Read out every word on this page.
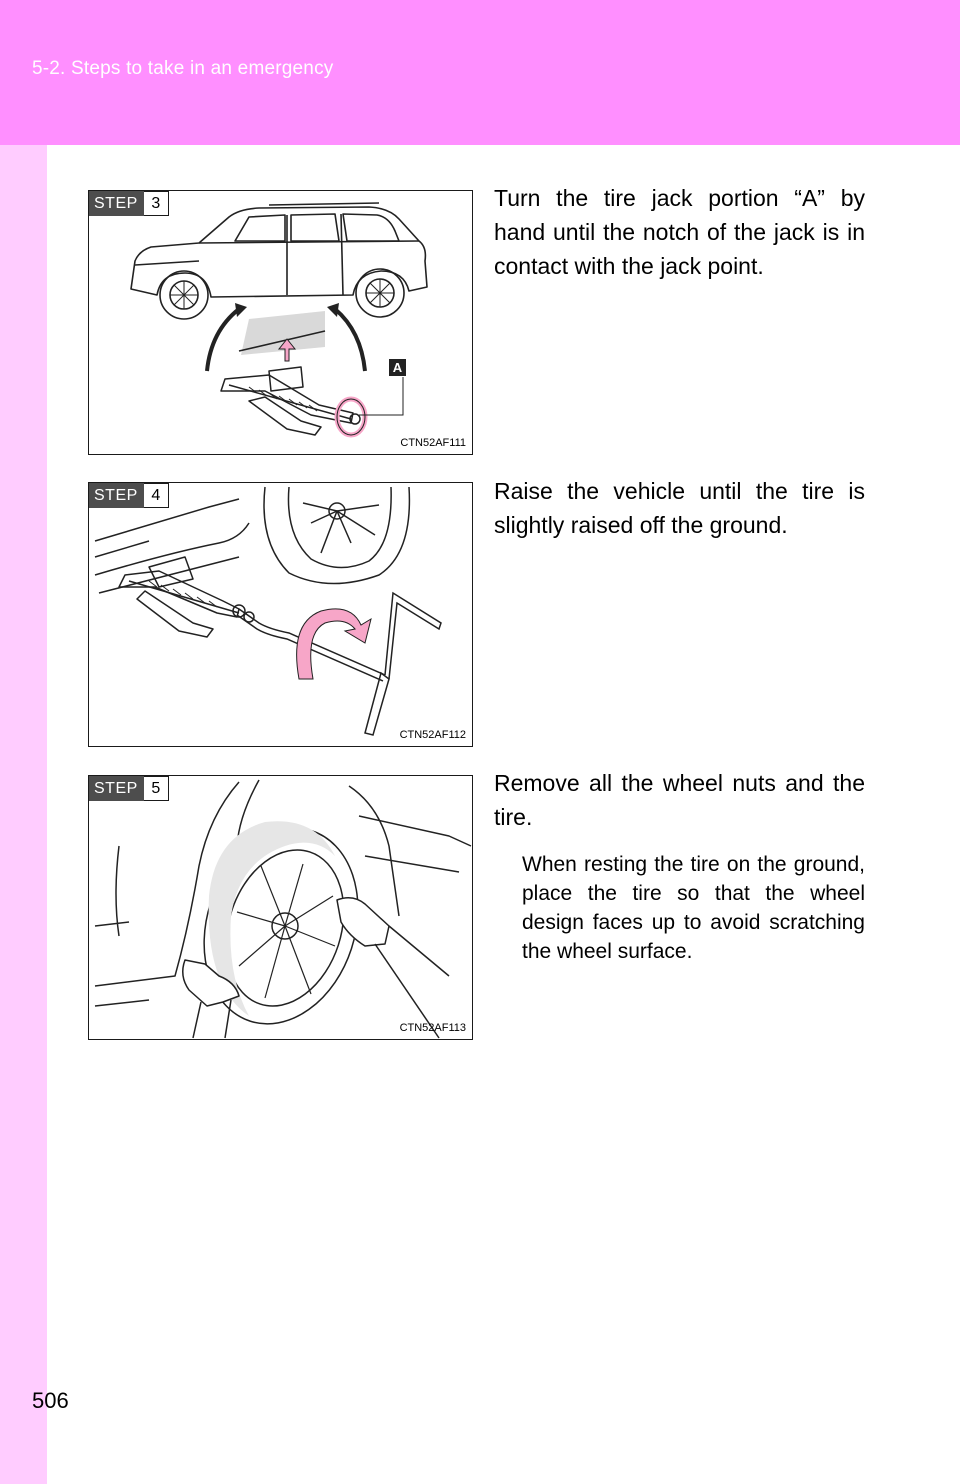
5-2. Steps to take in an emergency
STEP 3
A
CTN52AF111
Turn the tire jack portion “A” by hand until the notch of the jack is in contact with the jack point.
STEP 4
CTN52AF112
Raise the vehicle until the tire is slightly raised off the ground.
STEP 5
CTN52AF113
Remove all the wheel nuts and the tire.
When resting the tire on the ground, place the tire so that the wheel design faces up to avoid scratching the wheel surface.
506
